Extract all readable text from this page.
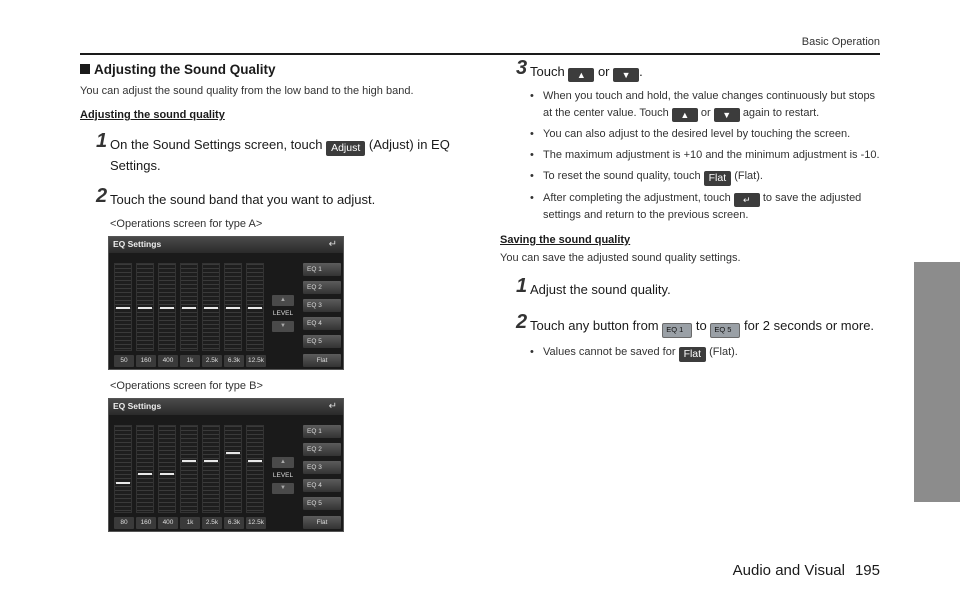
Basic Operation
Adjusting the Sound Quality
You can adjust the sound quality from the low band to the high band.
Adjusting the sound quality
1 On the Sound Settings screen, touch Adjust (Adjust) in EQ Settings.
2 Touch the sound band that you want to adjust.
<Operations screen for type A>
EQ Settings	↵
50	160	400	1k	2.5k	6.3k	12.5k
▲
LEVEL
▼
EQ 1
EQ 2
EQ 3
EQ 4
EQ 5
Flat
<Operations screen for type B>
EQ Settings	↵
80	160	400	1k	2.5k	6.3k	12.5k
▲
LEVEL
▼
EQ 1
EQ 2
EQ 3
EQ 4
EQ 5
Flat
3 Touch ▲ or ▼ .
• When you touch and hold, the value changes continuously but stops at the center value. Touch ▲ or ▼ again to restart.
• You can also adjust to the desired level by touching the screen.
• The maximum adjustment is +10 and the minimum adjustment is -10.
• To reset the sound quality, touch Flat (Flat).
• After completing the adjustment, touch ↵ to save the adjusted settings and return to the previous screen.
Saving the sound quality
You can save the adjusted sound quality settings.
1 Adjust the sound quality.
2 Touch any button from EQ 1 to EQ 5 for 2 seconds or more.
• Values cannot be saved for Flat (Flat).
Audio and Visual 195
